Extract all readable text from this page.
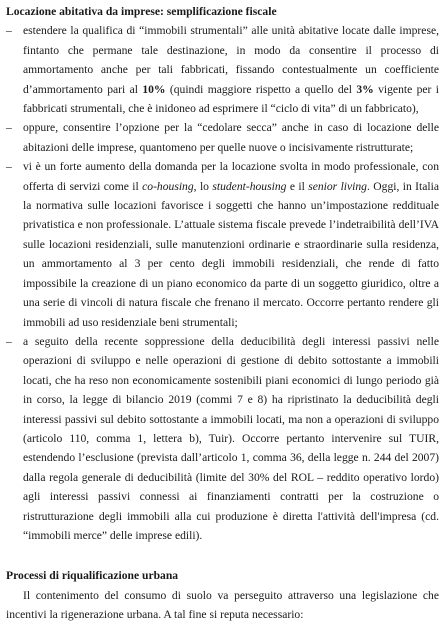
Locazione abitativa da imprese: semplificazione fiscale

– estendere la qualifica di “immobili strumentali” alle unità abitative locate dalle imprese, fintanto che permane tale destinazione, in modo da consentire il processo di ammortamento anche per tali fabbricati, fissando contestualmente un coefficiente d’ammortamento pari al 10% (quindi maggiore rispetto a quello del 3% vigente per i fabbricati strumentali, che è inidoneo ad esprimere il “ciclo di vita” di un fabbricato),
– oppure, consentire l’opzione per la “cedolare secca” anche in caso di locazione delle abitazioni delle imprese, quantomeno per quelle nuove o incisivamente ristrutturate;
– vi è un forte aumento della domanda per la locazione svolta in modo professionale, con offerta di servizi come il co-housing, lo student-housing e il senior living. Oggi, in Italia la normativa sulle locazioni favorisce i soggetti che hanno un’impostazione reddituale privatistica e non professionale. L’attuale sistema fiscale prevede l’indetraibilità dell’IVA sulle locazioni residenziali, sulle manutenzioni ordinarie e straordinarie sulla residenza, un ammortamento al 3 per cento degli immobili residenziali, che rende di fatto impossibile la creazione di un piano economico da parte di un soggetto giuridico, oltre a una serie di vincoli di natura fiscale che frenano il mercato. Occorre pertanto rendere gli immobili ad uso residenziale beni strumentali;
– a seguito della recente soppressione della deducibilità degli interessi passivi nelle operazioni di sviluppo e nelle operazioni di gestione di debito sottostante a immobili locati, che ha reso non economicamente sostenibili piani economici di lungo periodo già in corso, la legge di bilancio 2019 (commi 7 e 8) ha ripristinato la deducibilità degli interessi passivi sul debito sottostante a immobili locati, ma non a operazioni di sviluppo (articolo 110, comma 1, lettera b), Tuir). Occorre pertanto intervenire sul TUIR, estendendo l’esclusione (prevista dall’articolo 1, comma 36, della legge n. 244 del 2007) dalla regola generale di deducibilità (limite del 30% del ROL – reddito operativo lordo) agli interessi passivi connessi ai finanziamenti contratti per la costruzione o ristrutturazione degli immobili alla cui produzione è diretta l'attività dell'impresa (cd. “immobili merce” delle imprese edili).

Processi di riqualificazione urbana

Il contenimento del consumo di suolo va perseguito attraverso una legislazione che incentivi la rigenerazione urbana. A tal fine si reputa necessario:
